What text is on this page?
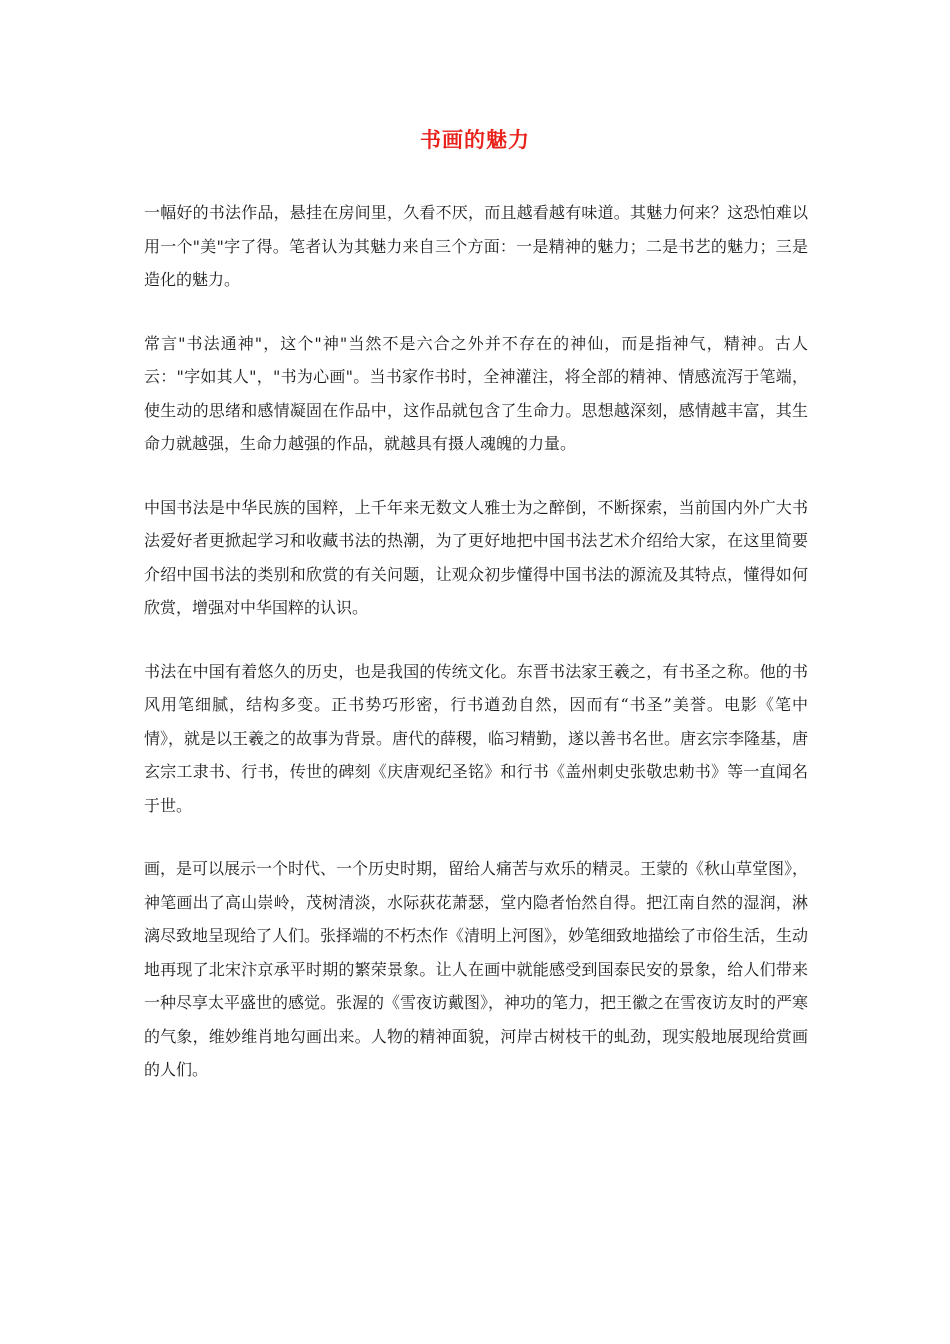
书画的魅力

一幅好的书法作品，悬挂在房间里，久看不厌，而且越看越有味道。其魅力何来？这恐怕难以用一个"美"字了得。笔者认为其魅力来自三个方面：一是精神的魅力；二是书艺的魅力；三是造化的魅力。

常言"书法通神"，这个"神"当然不是六合之外并不存在的神仙，而是指神气，精神。古人云："字如其人"，"书为心画"。当书家作书时，全神灌注，将全部的精神、情感流泻于笔端，使生动的思绪和感情凝固在作品中，这作品就包含了生命力。思想越深刻，感情越丰富，其生命力就越强，生命力越强的作品，就越具有摄人魂魄的力量。

中国书法是中华民族的国粹，上千年来无数文人雅士为之醉倒，不断探索，当前国内外广大书法爱好者更掀起学习和收藏书法的热潮，为了更好地把中国书法艺术介绍给大家，在这里简要介绍中国书法的类别和欣赏的有关问题，让观众初步懂得中国书法的源流及其特点，懂得如何欣赏，增强对中华国粹的认识。

书法在中国有着悠久的历史，也是我国的传统文化。东晋书法家王羲之，有书圣之称。他的书风用笔细腻，结构多变。正书势巧形密，行书遒劲自然，因而有“书圣”美誉。电影《笔中情》，就是以王羲之的故事为背景。唐代的薛稷，临习精勤，遂以善书名世。唐玄宗李隆基，唐玄宗工隶书、行书，传世的碑刻《庆唐观纪圣铭》和行书《盖州刺史张敬忠勅书》等一直闻名于世。

画，是可以展示一个时代、一个历史时期，留给人痛苦与欢乐的精灵。王蒙的《秋山草堂图》，神笔画出了高山崇岭，茂树清淡，水际荻花萧瑟，堂内隐者怡然自得。把江南自然的湿润，淋漓尽致地呈现给了人们。张择端的不朽杰作《清明上河图》，妙笔细致地描绘了市俗生活，生动地再现了北宋汴京承平时期的繁荣景象。让人在画中就能感受到国泰民安的景象，给人们带来一种尽享太平盛世的感觉。张渥的《雪夜访戴图》，神功的笔力，把王徽之在雪夜访友时的严寒的气象，维妙维肖地勾画出来。人物的精神面貌，河岸古树枝干的虬劲，现实般地展现给赏画的人们。
